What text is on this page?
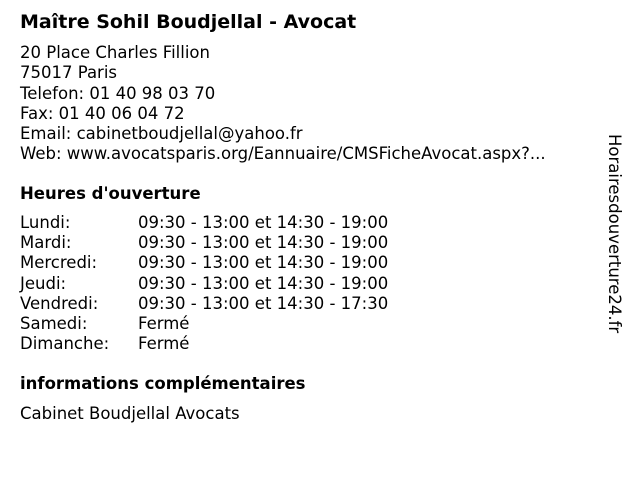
Maître Sohil Boudjellal - Avocat
20 Place Charles Fillion
75017 Paris
Telefon: 01 40 98 03 70
Fax: 01 40 06 04 72
Email: cabinetboudjellal@yahoo.fr
Web: www.avocatsparis.org/Eannuaire/CMSFicheAvocat.aspx?...
Heures d'ouverture
Lundi:	09:30 - 13:00 et 14:30 - 19:00
Mardi:	09:30 - 13:00 et 14:30 - 19:00
Mercredi:	09:30 - 13:00 et 14:30 - 19:00
Jeudi:	09:30 - 13:00 et 14:30 - 19:00
Vendredi:	09:30 - 13:00 et 14:30 - 17:30
Samedi:	Fermé
Dimanche:	Fermé
informations complémentaires
Cabinet Boudjellal Avocats
Horairesdouverture24.fr
